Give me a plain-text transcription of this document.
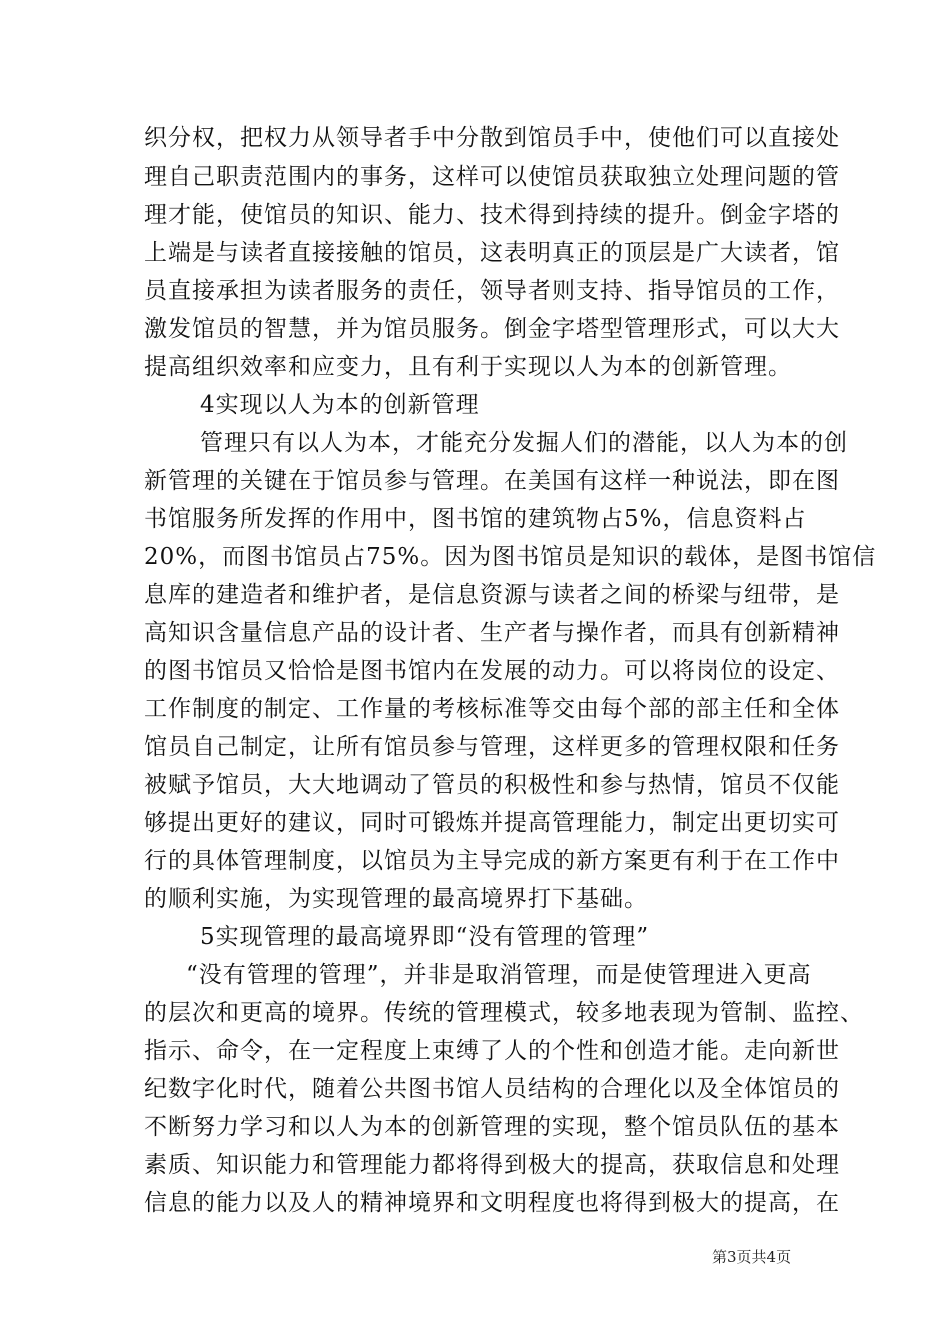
织分权，把权力从领导者手中分散到馆员手中，使他们可以直接处
理自己职责范围内的事务，这样可以使馆员获取独立处理问题的管
理才能，使馆员的知识、能力、技术得到持续的提升。倒金字塔的
上端是与读者直接接触的馆员，这表明真正的顶层是广大读者，馆
员直接承担为读者服务的责任，领导者则支持、指导馆员的工作，
激发馆员的智慧，并为馆员服务。倒金字塔型管理形式，可以大大
提高组织效率和应变力，且有利于实现以人为本的创新管理。
4实现以人为本的创新管理
管理只有以人为本，才能充分发掘人们的潜能，以人为本的创
新管理的关键在于馆员参与管理。在美国有这样一种说法，即在图
书馆服务所发挥的作用中，图书馆的建筑物占5%，信息资料占
20%，而图书馆员占75%。因为图书馆员是知识的载体，是图书馆信
息库的建造者和维护者，是信息资源与读者之间的桥梁与纽带，是
高知识含量信息产品的设计者、生产者与操作者，而具有创新精神
的图书馆员又恰恰是图书馆内在发展的动力。可以将岗位的设定、
工作制度的制定、工作量的考核标准等交由每个部的部主任和全体
馆员自己制定，让所有馆员参与管理，这样更多的管理权限和任务
被赋予馆员，大大地调动了管员的积极性和参与热情，馆员不仅能
够提出更好的建议，同时可锻炼并提高管理能力，制定出更切实可
行的具体管理制度，以馆员为主导完成的新方案更有利于在工作中
的顺利实施，为实现管理的最高境界打下基础。
5实现管理的最高境界即“没有管理的管理”
“没有管理的管理”，并非是取消管理，而是使管理进入更高
的层次和更高的境界。传统的管理模式，较多地表现为管制、监控、
指示、命令，在一定程度上束缚了人的个性和创造才能。走向新世
纪数字化时代，随着公共图书馆人员结构的合理化以及全体馆员的
不断努力学习和以人为本的创新管理的实现，整个馆员队伍的基本
素质、知识能力和管理能力都将得到极大的提高，获取信息和处理
信息的能力以及人的精神境界和文明程度也将得到极大的提高，在
第3页共4页
